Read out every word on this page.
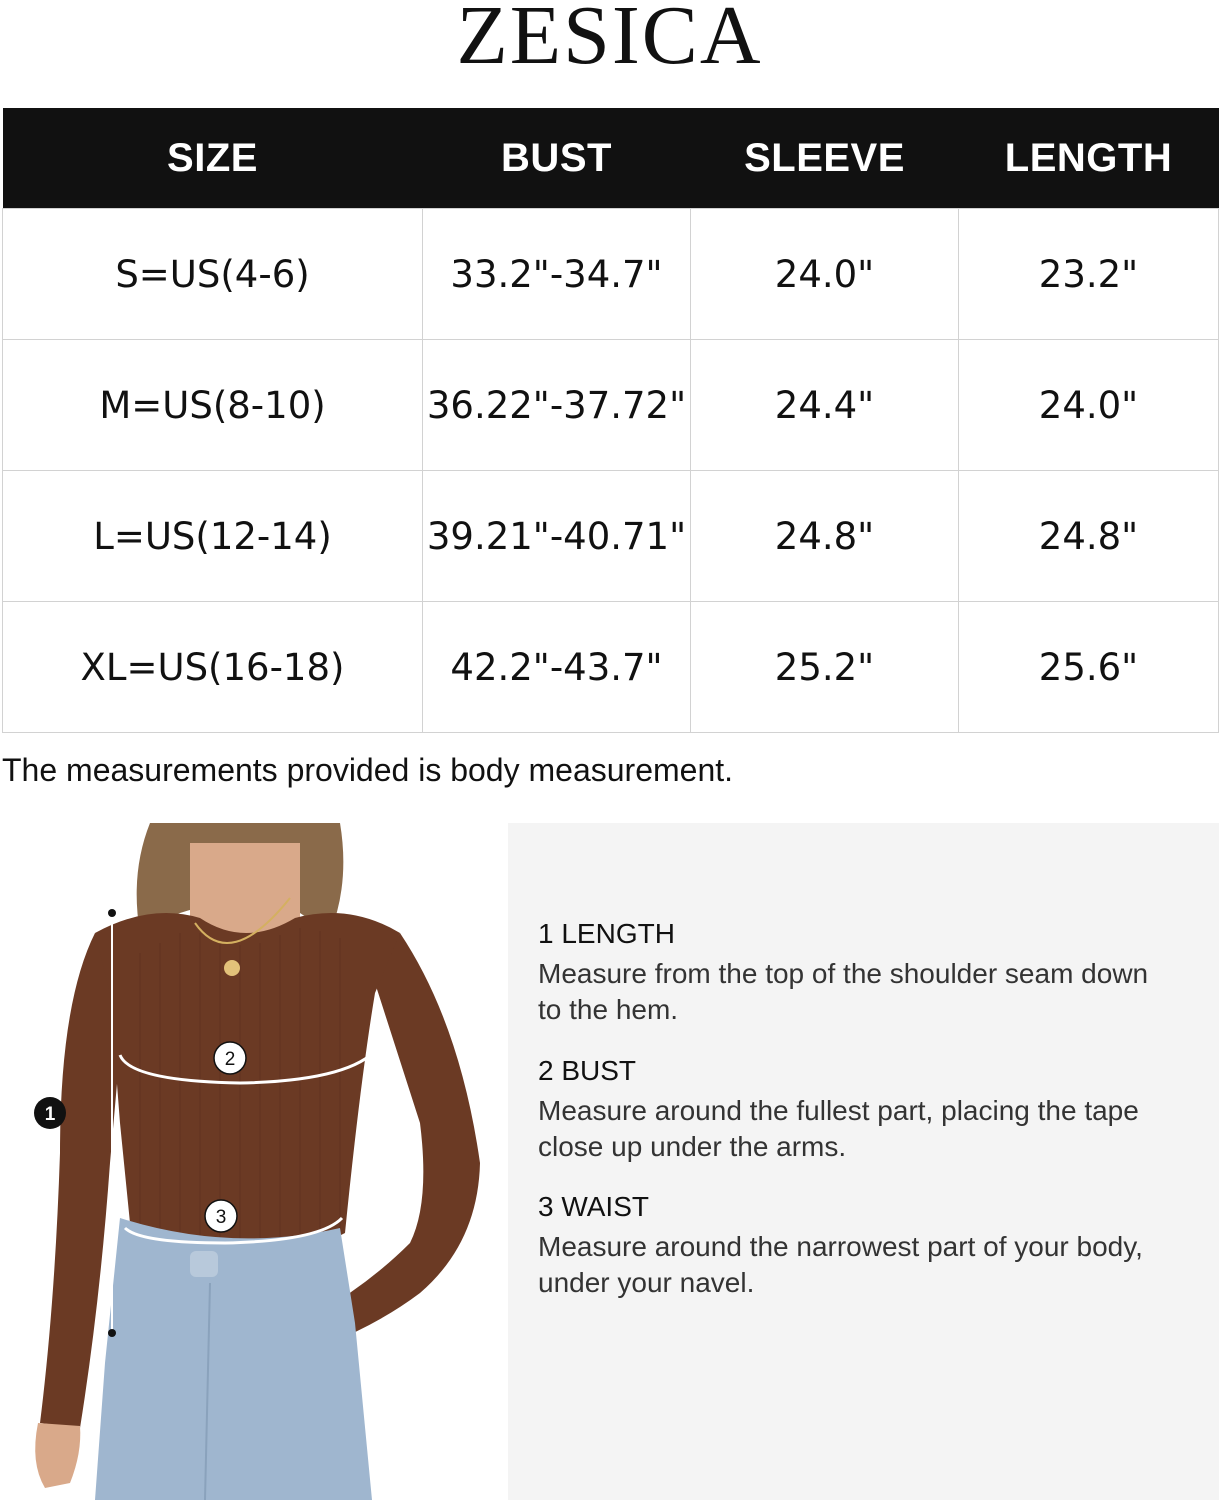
ZESICA
SIZE	BUST	SLEEVE	LENGTH
S=US(4-6)	33.2"-34.7"	24.0"	23.2"
M=US(8-10)	36.22"-37.72"	24.4"	24.0"
L=US(12-14)	39.21"-40.71"	24.8"	24.8"
XL=US(16-18)	42.2"-43.7"	25.2"	25.6"
The measurements provided is body measurement.
1
2
3

1 LENGTH

Measure from the top of the shoulder seam down to the hem.

2 BUST

Measure around the fullest part, placing the tape close up under the arms.

3 WAIST

Measure around the narrowest part of your body, under your navel.
